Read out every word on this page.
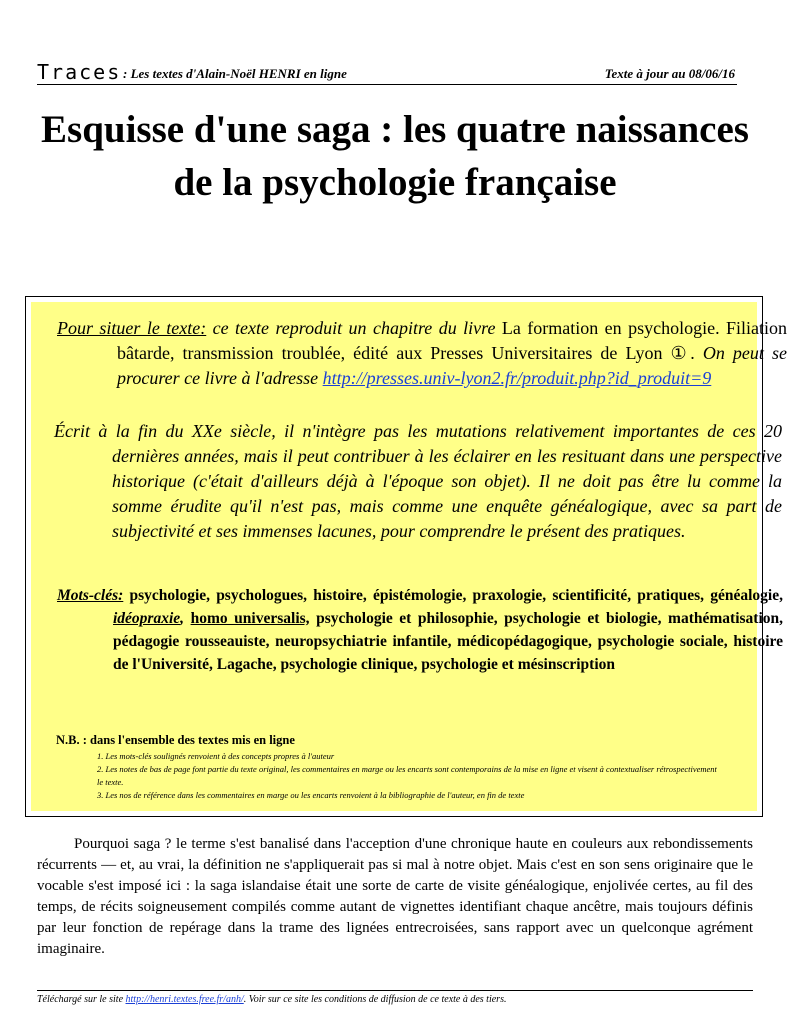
Traces : Les textes d'Alain-Noël HENRI en ligne	Texte à jour au 08/06/16
Esquisse d'une saga : les quatre naissances de la psychologie française
Pour situer le texte: ce texte reproduit un chapitre du livre La formation en psychologie. Filiation bâtarde, transmission troublée, édité aux Presses Universitaires de Lyon ①. On peut se procurer ce livre à l'adresse http://presses.univ-lyon2.fr/produit.php?id_produit=9
Écrit à la fin du XXe siècle, il n'intègre pas les mutations relativement importantes de ces 20 dernières années, mais il peut contribuer à les éclairer en les resituant dans une perspective historique (c'était d'ailleurs déjà à l'époque son objet). Il ne doit pas être lu comme la somme érudite qu'il n'est pas, mais comme une enquête généalogique, avec sa part de subjectivité et ses immenses lacunes, pour comprendre le présent des pratiques.
Mots-clés: psychologie, psychologues, histoire, épistémologie, praxologie, scientificité, pratiques, généalogie, idéopraxie, homo universalis, psychologie et philosophie, psychologie et biologie, mathématisation, pédagogie rousseauiste, neuropsychiatrie infantile, médicopédagogique, psychologie sociale, histoire de l'Université, Lagache, psychologie clinique, psychologie et mésinscription
N.B. : dans l'ensemble des textes mis en ligne
1. Les mots-clés soulignés renvoient à des concepts propres à l'auteur
2. Les notes de bas de page font partie du texte original, les commentaires en marge ou les encarts sont contemporains de la mise en ligne et visent à contextualiser rétrospectivement le texte.
3. Les nos de référence dans les commentaires en marge ou les encarts renvoient à la bibliographie de l'auteur, en fin de texte
Pourquoi saga ? le terme s'est banalisé dans l'acception d'une chronique haute en couleurs aux rebondissements récurrents — et, au vrai, la définition ne s'appliquerait pas si mal à notre objet. Mais c'est en son sens originaire que le vocable s'est imposé ici : la saga islandaise était une sorte de carte de visite généalogique, enjolivée certes, au fil des temps, de récits soigneusement compilés comme autant de vignettes identifiant chaque ancêtre, mais toujours définis par leur fonction de repérage dans la trame des lignées entrecroisées, sans rapport avec un quelconque agrément imaginaire.
Téléchargé sur le site http://henri.textes.free.fr/anh/. Voir sur ce site les conditions de diffusion de ce texte à des tiers.
